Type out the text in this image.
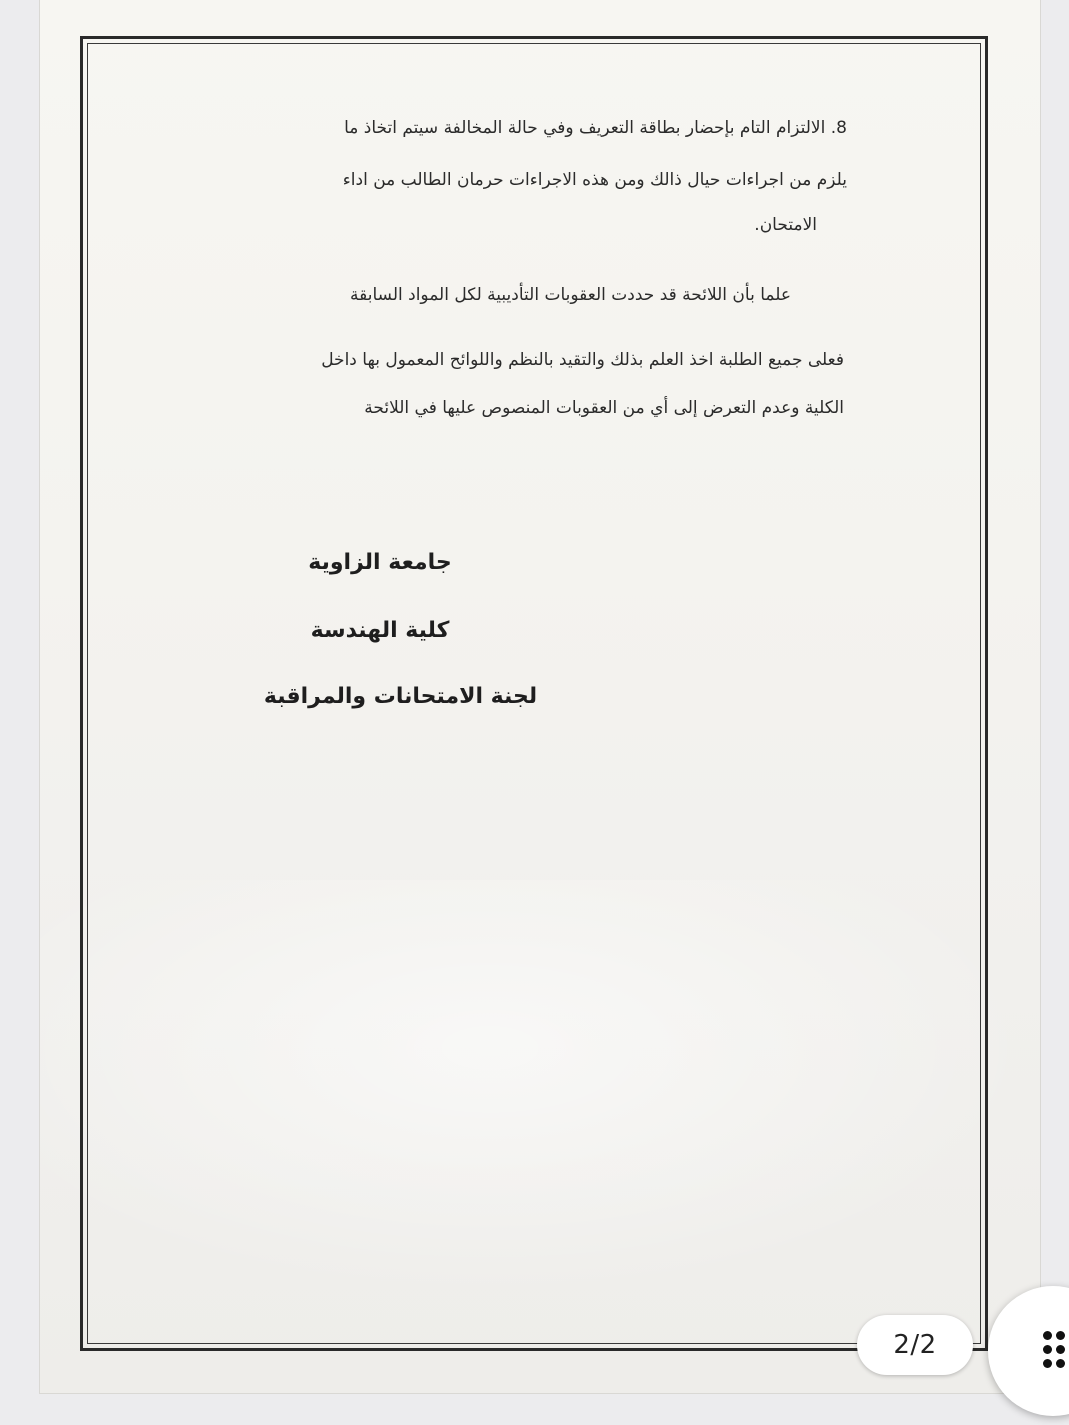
8. الالتزام التام بإحضار بطاقة التعريف وفي حالة المخالفة سيتم اتخاذ ما
يلزم من اجراءات حيال ذالك ومن هذه الاجراءات حرمان الطالب من اداء
الامتحان.
علما بأن اللائحة قد حددت العقوبات التأديبية لكل المواد السابقة
فعلى جميع الطلبة اخذ العلم بذلك والتقيد بالنظم واللوائح المعمول بها داخل
الكلية وعدم التعرض إلى أي من العقوبات المنصوص عليها في اللائحة
جامعة الزاوية
كلية الهندسة
لجنة الامتحانات والمراقبة
2/2
